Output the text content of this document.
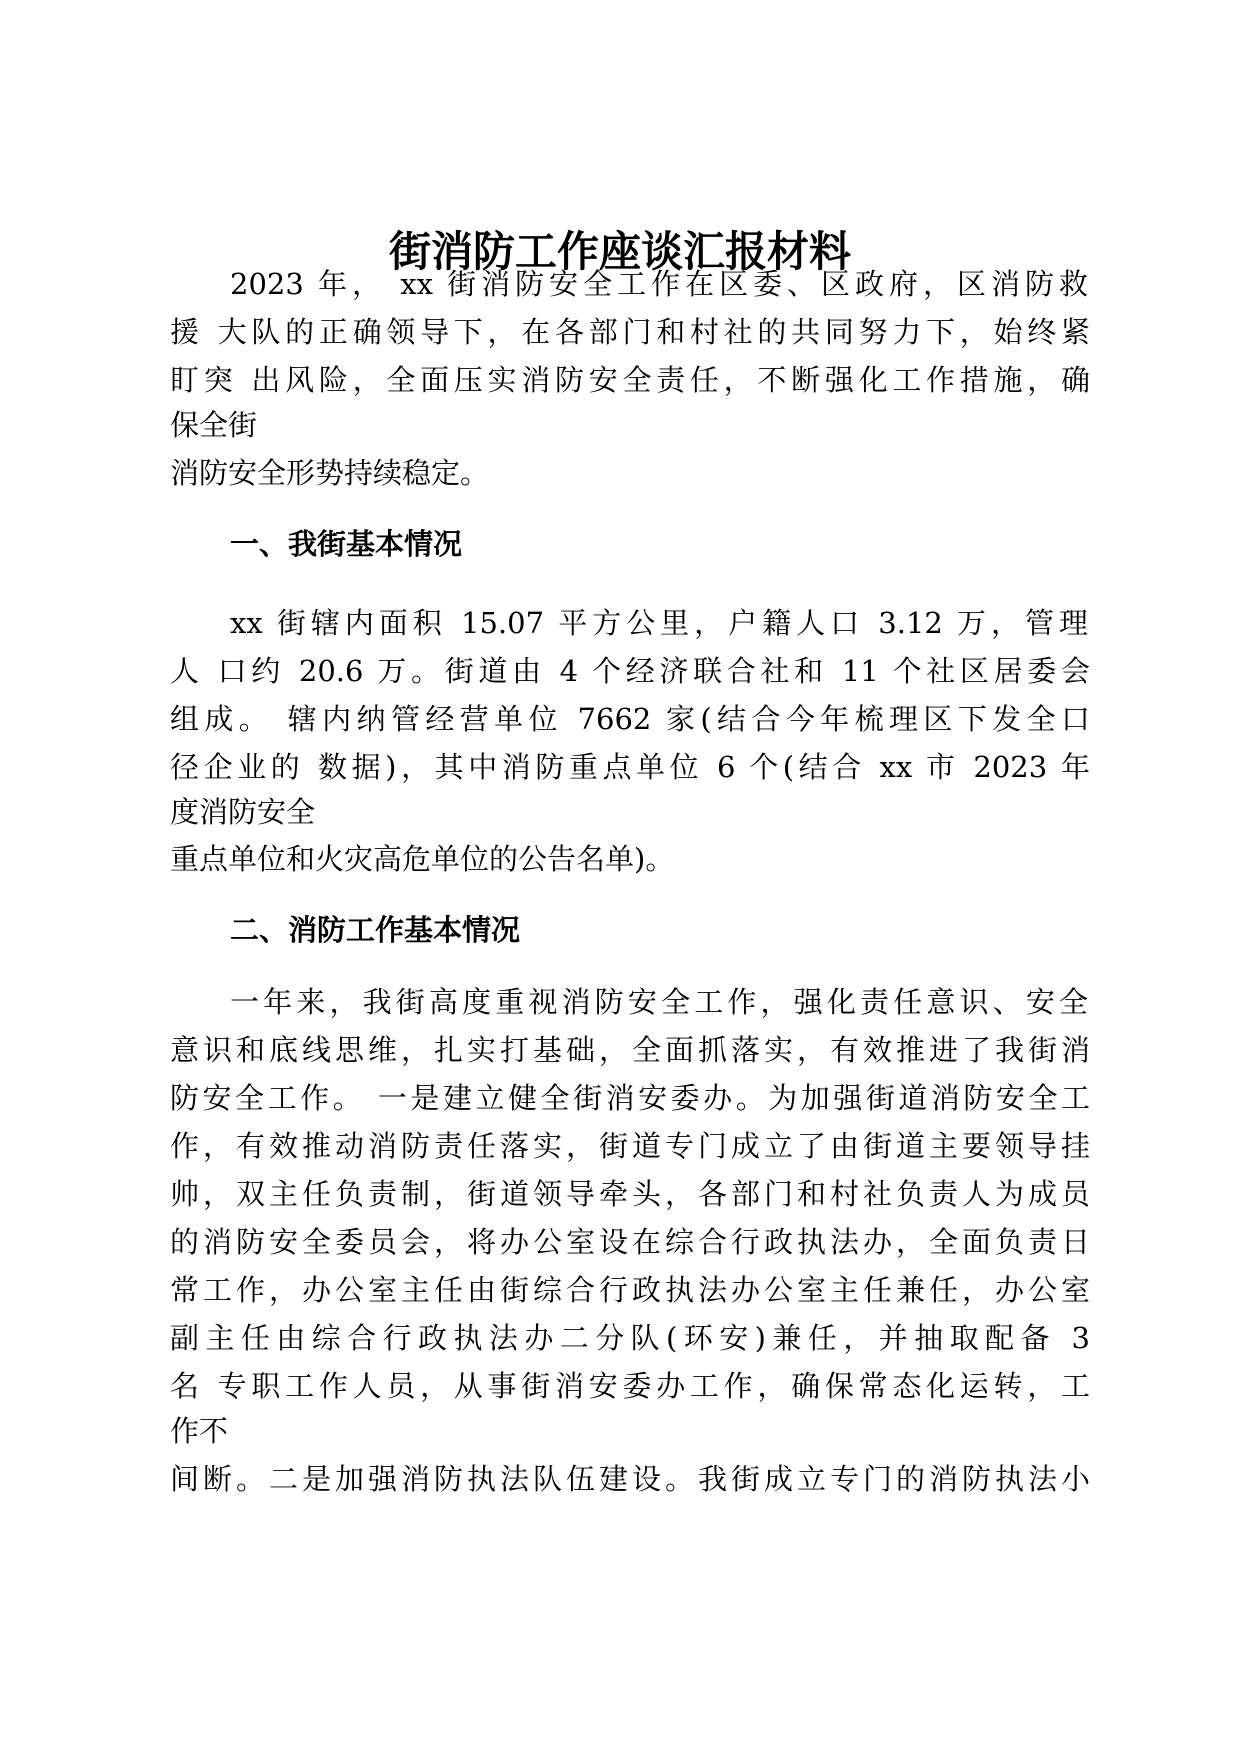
街消防工作座谈汇报材料
2023 年， xx 街消防安全工作在区委、区政府，区消防救
援 大队的正确领导下，在各部门和村社的共同努力下，始终紧
盯突 出风险，全面压实消防安全责任，不断强化工作措施，确
保全街
消防安全形势持续稳定。
一、我街基本情况
xx 街辖内面积 15.07 平方公里，户籍人口 3.12 万，管理
人 口约 20.6 万。街道由 4 个经济联合社和 11 个社区居委会
组成。 辖内纳管经营单位 7662 家(结合今年梳理区下发全口
径企业的 数据)，其中消防重点单位 6 个(结合 xx 市 2023 年
度消防安全
重点单位和火灾高危单位的公告名单)。
二、消防工作基本情况
一年来，我街高度重视消防安全工作，强化责任意识、安全
意识和底线思维，扎实打基础，全面抓落实，有效推进了我街消
防安全工作。 一是建立健全街消安委办。为加强街道消防安全工
作，有效推动消防责任落实，街道专门成立了由街道主要领导挂
帅，双主任负责制，街道领导牵头，各部门和村社负责人为成员
的消防安全委员会，将办公室设在综合行政执法办，全面负责日
常工作，办公室主任由街综合行政执法办公室主任兼任，办公室
副主任由综合行政执法办二分队(环安)兼任，并抽取配备 3
名 专职工作人员，从事街消安委办工作，确保常态化运转，工
作不
间断。二是加强消防执法队伍建设。我街成立专门的消防执法小
